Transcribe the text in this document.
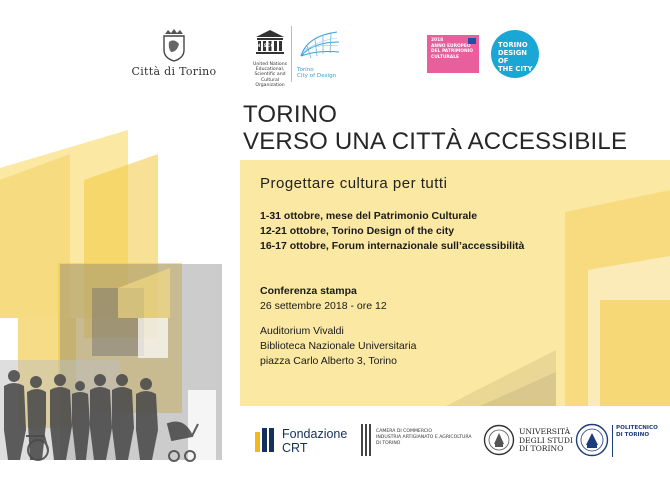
Città di Torino
United Nations
Educational, Scientific and
Cultural Organization
Torino
City of Design
2018
ANNO EUROPEO
DEL PATRIMONIO
CULTURALE
TORINO
DESIGN OF
THE CITY
TORINO
VERSO UNA CITTÀ ACCESSIBILE
Progettare cultura per tutti
1-31 ottobre, mese del Patrimonio Culturale
12-21 ottobre, Torino Design of the city
16-17 ottobre, Forum internazionale sull’accessibilità
Conferenza stampa
26 settembre 2018 - ore 12
Auditorium Vivaldi
Biblioteca Nazionale Universitaria
piazza Carlo Alberto 3, Torino
Fondazione
CRT
CAMERA DI COMMERCIO
INDUSTRIA ARTIGIANATO E AGRICOLTURA
DI TORINO
UNIVERSITÀ
DEGLI STUDI
DI TORINO
POLITECNICO
DI TORINO
UNESCO
